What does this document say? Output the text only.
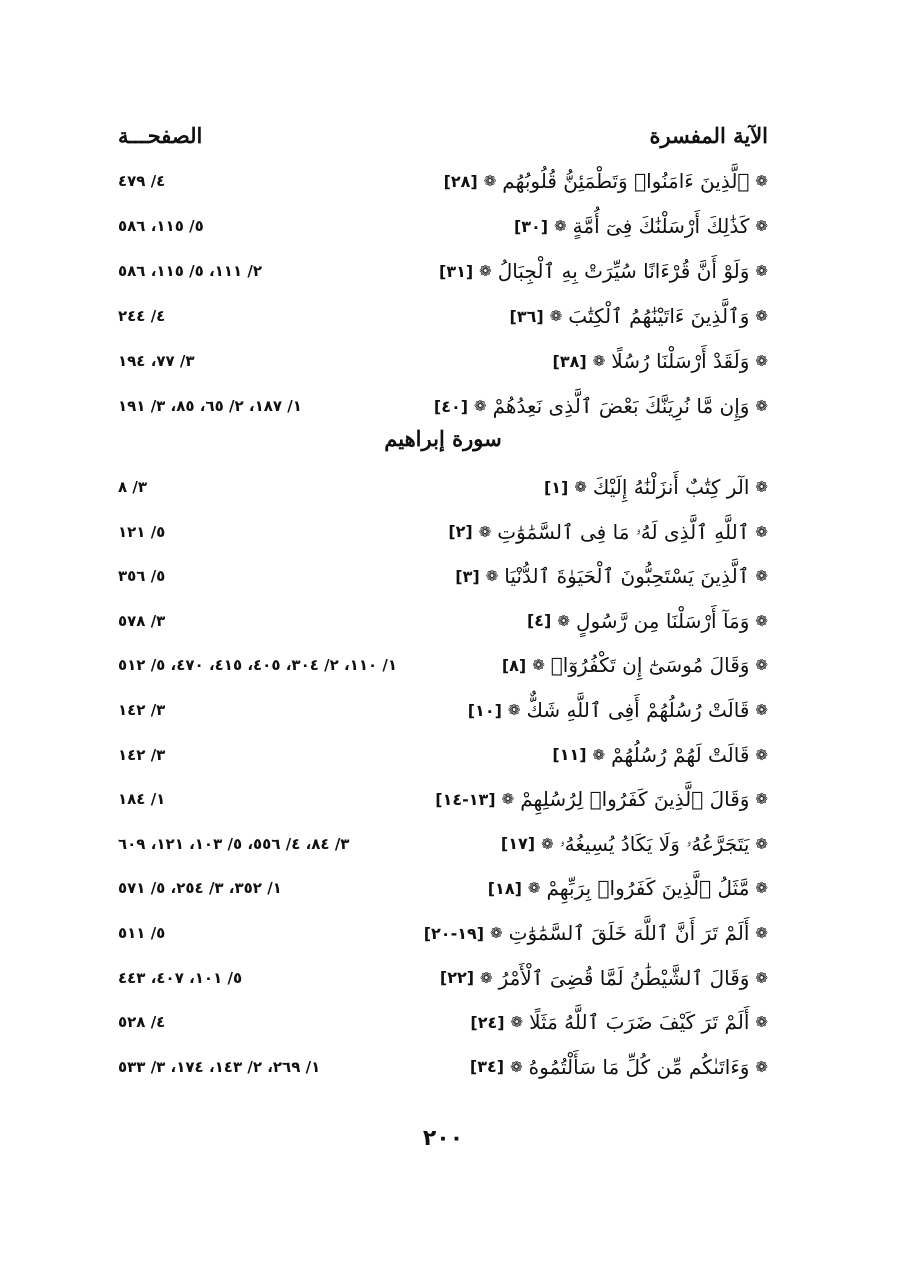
الآية المفسرة
الصفحـــة
❁
ٱلَّذِينَ ءَامَنُوا۟ وَتَطْمَئِنُّ قُلُوبُهُم
❁
[٢٨]
٤/ ٤٧٩
❁
كَذَٰلِكَ أَرْسَلْنَٰكَ فِىٓ أُمَّةٍ
❁
[٣٠]
٥/ ١١٥، ٥٨٦
❁
وَلَوْ أَنَّ قُرْءَانًا سُيِّرَتْ بِهِ ٱلْجِبَالُ
❁
[٣١]
٢/ ١١١، ٥/ ١١٥، ٥٨٦
❁
وَٱلَّذِينَ ءَاتَيْنَٰهُمُ ٱلْكِتَٰبَ
❁
[٣٦]
٤/ ٢٤٤
❁
وَلَقَدْ أَرْسَلْنَا رُسُلًا
❁
[٣٨]
٣/ ٧٧، ١٩٤
❁
وَإِن مَّا نُرِيَنَّكَ بَعْضَ ٱلَّذِى نَعِدُهُمْ
❁
[٤٠]
١/ ١٨٧، ٢/ ٦٥، ٨٥، ٣/ ١٩١
سورة إبراهيم
❁
الٓر كِتَٰبٌ أَنزَلْنَٰهُ إِلَيْكَ
❁
[١]
٣/ ٨
❁
ٱللَّهِ ٱلَّذِى لَهُۥ مَا فِى ٱلسَّمَٰوَٰتِ
❁
[٢]
٥/ ١٢١
❁
ٱلَّذِينَ يَسْتَحِبُّونَ ٱلْحَيَوٰةَ ٱلدُّنْيَا
❁
[٣]
٥/ ٣٥٦
❁
وَمَآ أَرْسَلْنَا مِن رَّسُولٍ
❁
[٤]
٣/ ٥٧٨
❁
وَقَالَ مُوسَىٰٓ إِن تَكْفُرُوٓا۟
❁
[٨]
١/ ١١٠، ٢/ ٣٠٤، ٤٠٥، ٤١٥، ٤٧٠، ٥/ ٥١٢
❁
قَالَتْ رُسُلُهُمْ أَفِى ٱللَّهِ شَكٌّ
❁
[١٠]
٣/ ١٤٢
❁
قَالَتْ لَهُمْ رُسُلُهُمْ
❁
[١١]
٣/ ١٤٢
❁
وَقَالَ ٱلَّذِينَ كَفَرُوا۟ لِرُسُلِهِمْ
❁
[١٣-١٤]
١/ ١٨٤
❁
يَتَجَرَّعُهُۥ وَلَا يَكَادُ يُسِيغُهُۥ
❁
[١٧]
٣/ ٨٤، ٤/ ٥٥٦، ٥/ ١٠٣، ١٢١، ٦٠٩
❁
مَّثَلُ ٱلَّذِينَ كَفَرُوا۟ بِرَبِّهِمْ
❁
[١٨]
١/ ٣٥٢، ٣/ ٢٥٤، ٥/ ٥٧١
❁
أَلَمْ تَرَ أَنَّ ٱللَّهَ خَلَقَ ٱلسَّمَٰوَٰتِ
❁
[١٩-٢٠]
٥/ ٥١١
❁
وَقَالَ ٱلشَّيْطَٰنُ لَمَّا قُضِىَ ٱلْأَمْرُ
❁
[٢٢]
٥/ ١٠١، ٤٠٧، ٤٤٣
❁
أَلَمْ تَرَ كَيْفَ ضَرَبَ ٱللَّهُ مَثَلًا
❁
[٢٤]
٤/ ٥٢٨
❁
وَءَاتَىٰكُم مِّن كُلِّ مَا سَأَلْتُمُوهُ
❁
[٣٤]
١/ ٢٦٩، ٢/ ١٤٣، ١٧٤، ٣/ ٥٣٣
٢٠٠
